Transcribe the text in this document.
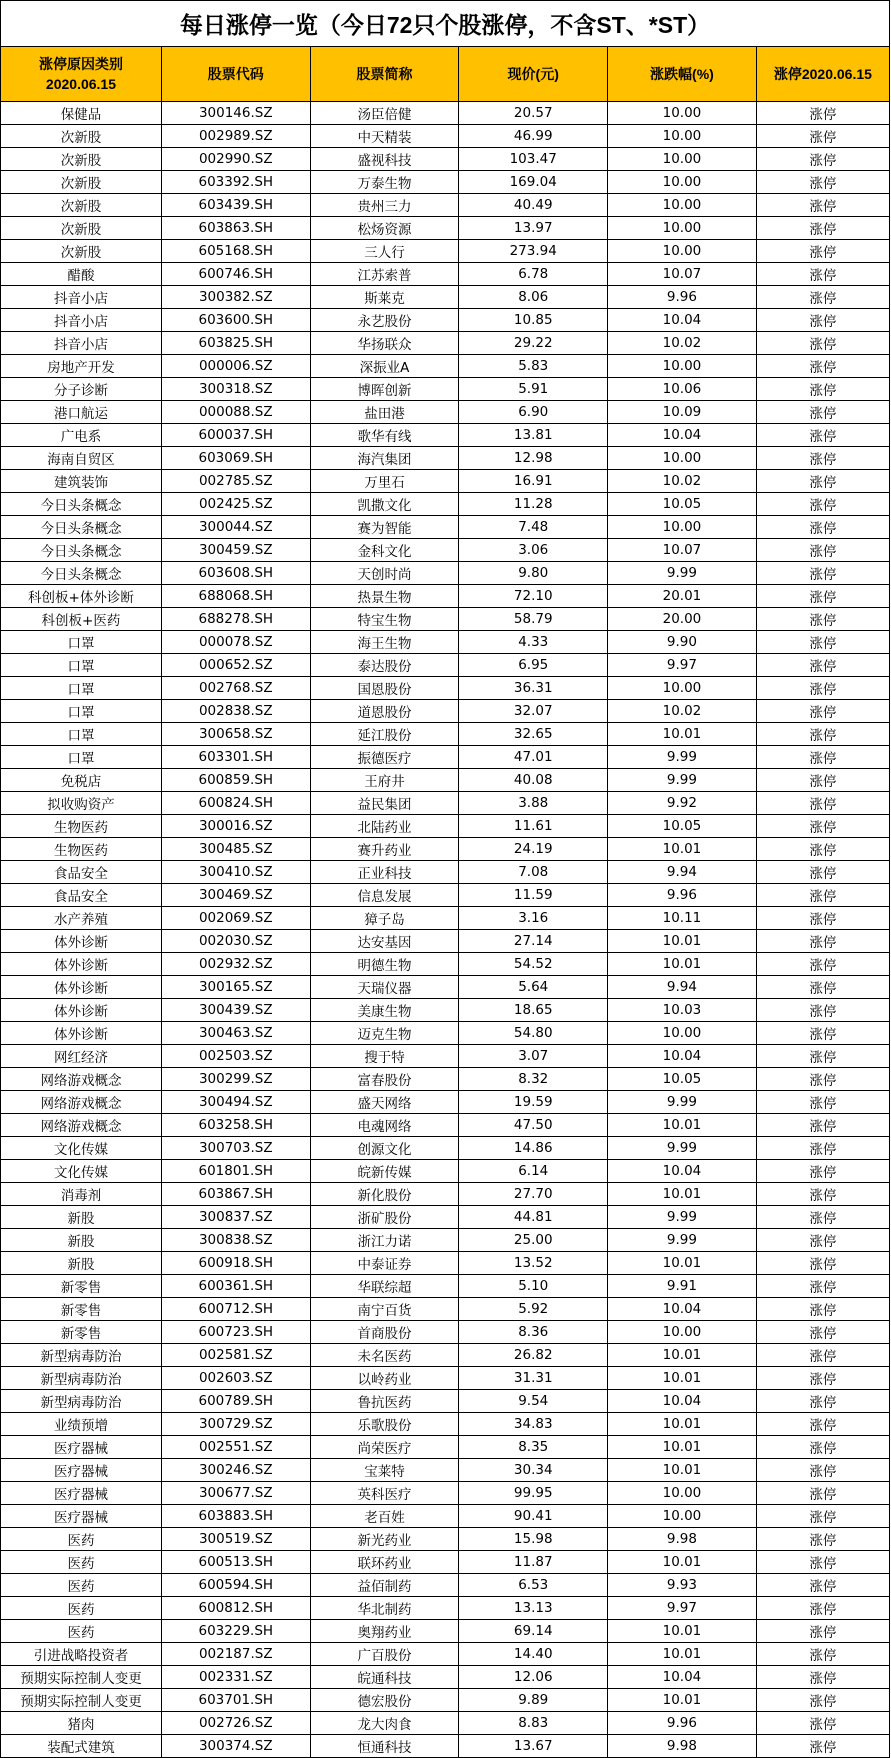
每日涨停一览（今日72只个股涨停，不含ST、*ST）
涨停原因类别
2020.06.15	股票代码	股票简称	现价(元)	涨跌幅(%)	涨停2020.06.15

保健品	300146.SZ	汤臣倍健	20.57	10.00	涨停
次新股	002989.SZ	中天精装	46.99	10.00	涨停
次新股	002990.SZ	盛视科技	103.47	10.00	涨停
次新股	603392.SH	万泰生物	169.04	10.00	涨停
次新股	603439.SH	贵州三力	40.49	10.00	涨停
次新股	603863.SH	松炀资源	13.97	10.00	涨停
次新股	605168.SH	三人行	273.94	10.00	涨停
醋酸	600746.SH	江苏索普	6.78	10.07	涨停
抖音小店	300382.SZ	斯莱克	8.06	9.96	涨停
抖音小店	603600.SH	永艺股份	10.85	10.04	涨停
抖音小店	603825.SH	华扬联众	29.22	10.02	涨停
房地产开发	000006.SZ	深振业A	5.83	10.00	涨停
分子诊断	300318.SZ	博晖创新	5.91	10.06	涨停
港口航运	000088.SZ	盐田港	6.90	10.09	涨停
广电系	600037.SH	歌华有线	13.81	10.04	涨停
海南自贸区	603069.SH	海汽集团	12.98	10.00	涨停
建筑装饰	002785.SZ	万里石	16.91	10.02	涨停
今日头条概念	002425.SZ	凯撒文化	11.28	10.05	涨停
今日头条概念	300044.SZ	赛为智能	7.48	10.00	涨停
今日头条概念	300459.SZ	金科文化	3.06	10.07	涨停
今日头条概念	603608.SH	天创时尚	9.80	9.99	涨停
科创板+体外诊断	688068.SH	热景生物	72.10	20.01	涨停
科创板+医药	688278.SH	特宝生物	58.79	20.00	涨停
口罩	000078.SZ	海王生物	4.33	9.90	涨停
口罩	000652.SZ	泰达股份	6.95	9.97	涨停
口罩	002768.SZ	国恩股份	36.31	10.00	涨停
口罩	002838.SZ	道恩股份	32.07	10.02	涨停
口罩	300658.SZ	延江股份	32.65	10.01	涨停
口罩	603301.SH	振德医疗	47.01	9.99	涨停
免税店	600859.SH	王府井	40.08	9.99	涨停
拟收购资产	600824.SH	益民集团	3.88	9.92	涨停
生物医药	300016.SZ	北陆药业	11.61	10.05	涨停
生物医药	300485.SZ	赛升药业	24.19	10.01	涨停
食品安全	300410.SZ	正业科技	7.08	9.94	涨停
食品安全	300469.SZ	信息发展	11.59	9.96	涨停
水产养殖	002069.SZ	獐子岛	3.16	10.11	涨停
体外诊断	002030.SZ	达安基因	27.14	10.01	涨停
体外诊断	002932.SZ	明德生物	54.52	10.01	涨停
体外诊断	300165.SZ	天瑞仪器	5.64	9.94	涨停
体外诊断	300439.SZ	美康生物	18.65	10.03	涨停
体外诊断	300463.SZ	迈克生物	54.80	10.00	涨停
网红经济	002503.SZ	搜于特	3.07	10.04	涨停
网络游戏概念	300299.SZ	富春股份	8.32	10.05	涨停
网络游戏概念	300494.SZ	盛天网络	19.59	9.99	涨停
网络游戏概念	603258.SH	电魂网络	47.50	10.01	涨停
文化传媒	300703.SZ	创源文化	14.86	9.99	涨停
文化传媒	601801.SH	皖新传媒	6.14	10.04	涨停
消毒剂	603867.SH	新化股份	27.70	10.01	涨停
新股	300837.SZ	浙矿股份	44.81	9.99	涨停
新股	300838.SZ	浙江力诺	25.00	9.99	涨停
新股	600918.SH	中泰证券	13.52	10.01	涨停
新零售	600361.SH	华联综超	5.10	9.91	涨停
新零售	600712.SH	南宁百货	5.92	10.04	涨停
新零售	600723.SH	首商股份	8.36	10.00	涨停
新型病毒防治	002581.SZ	未名医药	26.82	10.01	涨停
新型病毒防治	002603.SZ	以岭药业	31.31	10.01	涨停
新型病毒防治	600789.SH	鲁抗医药	9.54	10.04	涨停
业绩预增	300729.SZ	乐歌股份	34.83	10.01	涨停
医疗器械	002551.SZ	尚荣医疗	8.35	10.01	涨停
医疗器械	300246.SZ	宝莱特	30.34	10.01	涨停
医疗器械	300677.SZ	英科医疗	99.95	10.00	涨停
医疗器械	603883.SH	老百姓	90.41	10.00	涨停
医药	300519.SZ	新光药业	15.98	9.98	涨停
医药	600513.SH	联环药业	11.87	10.01	涨停
医药	600594.SH	益佰制药	6.53	9.93	涨停
医药	600812.SH	华北制药	13.13	9.97	涨停
医药	603229.SH	奥翔药业	69.14	10.01	涨停
引进战略投资者	002187.SZ	广百股份	14.40	10.01	涨停
预期实际控制人变更	002331.SZ	皖通科技	12.06	10.04	涨停
预期实际控制人变更	603701.SH	德宏股份	9.89	10.01	涨停
猪肉	002726.SZ	龙大肉食	8.83	9.96	涨停
装配式建筑	300374.SZ	恒通科技	13.67	9.98	涨停
